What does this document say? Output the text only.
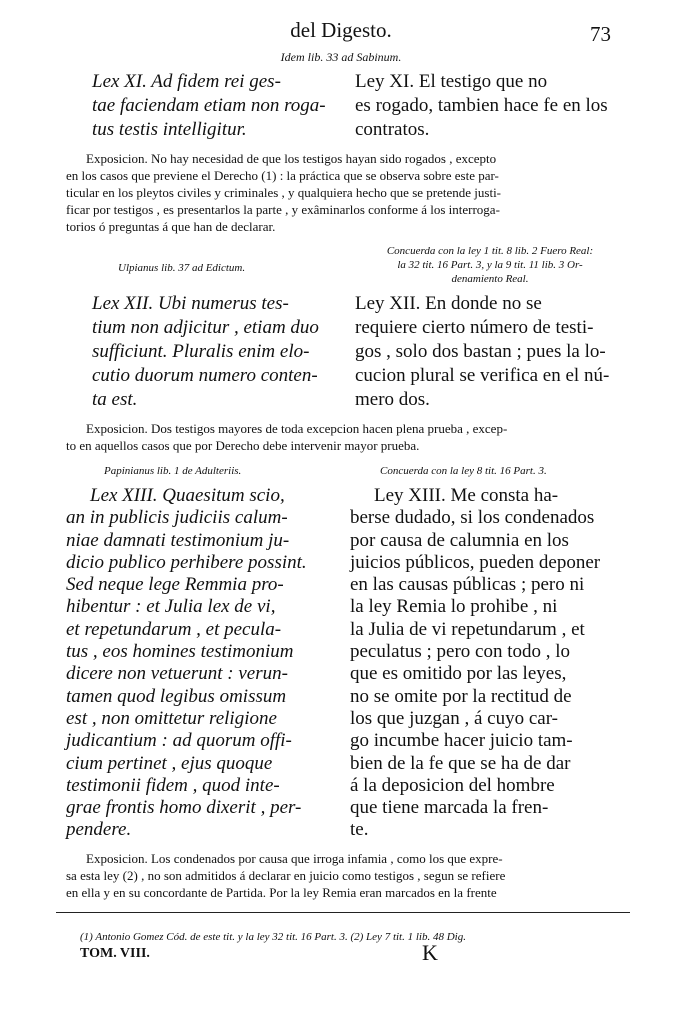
del Digesto.	73
Idem lib. 33 ad Sabinum.
Lex XI. Ad fidem rei ges-
tae faciendam etiam non roga-
tus testis intelligitur.
Ley XI. El testigo que no
es rogado, tambien hace fe en los
contratos.
Exposicion. No hay necesidad de que los testigos hayan sido rogados , excepto
en los casos que previene el Derecho (1) : la práctica que se observa sobre este par-
ticular en los pleytos civiles y criminales , y qualquiera hecho que se pretende justi-
ficar por testigos , es presentarlos la parte , y exâminarlos conforme á los interroga-
torios ó preguntas á que han de declarar.
Ulpianus lib. 37 ad Edictum.
Concuerda con la ley 1 tit. 8 lib. 2 Fuero Real:
la 32 tit. 16 Part. 3, y la 9 tit. 11 lib. 3 Or-
denamiento Real.
Lex XII. Ubi numerus tes-
tium non adjicitur , etiam duo
sufficiunt. Pluralis enim elo-
cutio duorum numero conten-
ta est.
Ley XII. En donde no se
requiere cierto número de testi-
gos , solo dos bastan ; pues la lo-
cucion plural se verifica en el nú-
mero dos.
Exposicion. Dos testigos mayores de toda excepcion hacen plena prueba , excep-
to en aquellos casos que por Derecho debe intervenir mayor prueba.
Papinianus lib. 1 de Adulteriis.	Concuerda con la ley 8 tit. 16 Part. 3.
Lex XIII. Quaesitum scio,
an in publicis judiciis calum-
niae damnati testimonium ju-
dicio publico perhibere possint.
Sed neque lege Remmia pro-
hibentur : et Julia lex de vi,
et repetundarum , et pecula-
tus , eos homines testimonium
dicere non vetuerunt : verun-
tamen quod legibus omissum
est , non omittetur religione
judicantium : ad quorum offi-
cium pertinet , ejus quoque
testimonii fidem , quod inte-
grae frontis homo dixerit , per-
pendere.
Ley XIII. Me consta ha-
berse dudado, si los condenados
por causa de calumnia en los
juicios públicos, pueden deponer
en las causas públicas ; pero ni
la ley Remia lo prohibe , ni
la Julia de vi repetundarum , et
peculatus ; pero con todo , lo
que es omitido por las leyes,
no se omite por la rectitud de
los que juzgan , á cuyo car-
go incumbe hacer juicio tam-
bien de la fe que se ha de dar
á la deposicion del hombre
que tiene marcada la fren-
te.
Exposicion. Los condenados por causa que irroga infamia , como los que expre-
sa esta ley (2) , no son admitidos á declarar en juicio como testigos , segun se refiere
en ella y en su concordante de Partida. Por la ley Remia eran marcados en la frente
(1) Antonio Gomez Cód. de este tit. y la ley 32 tit. 16 Part. 3. (2) Ley 7 tit. 1 lib. 48 Dig.
TOM. VIII.	K
